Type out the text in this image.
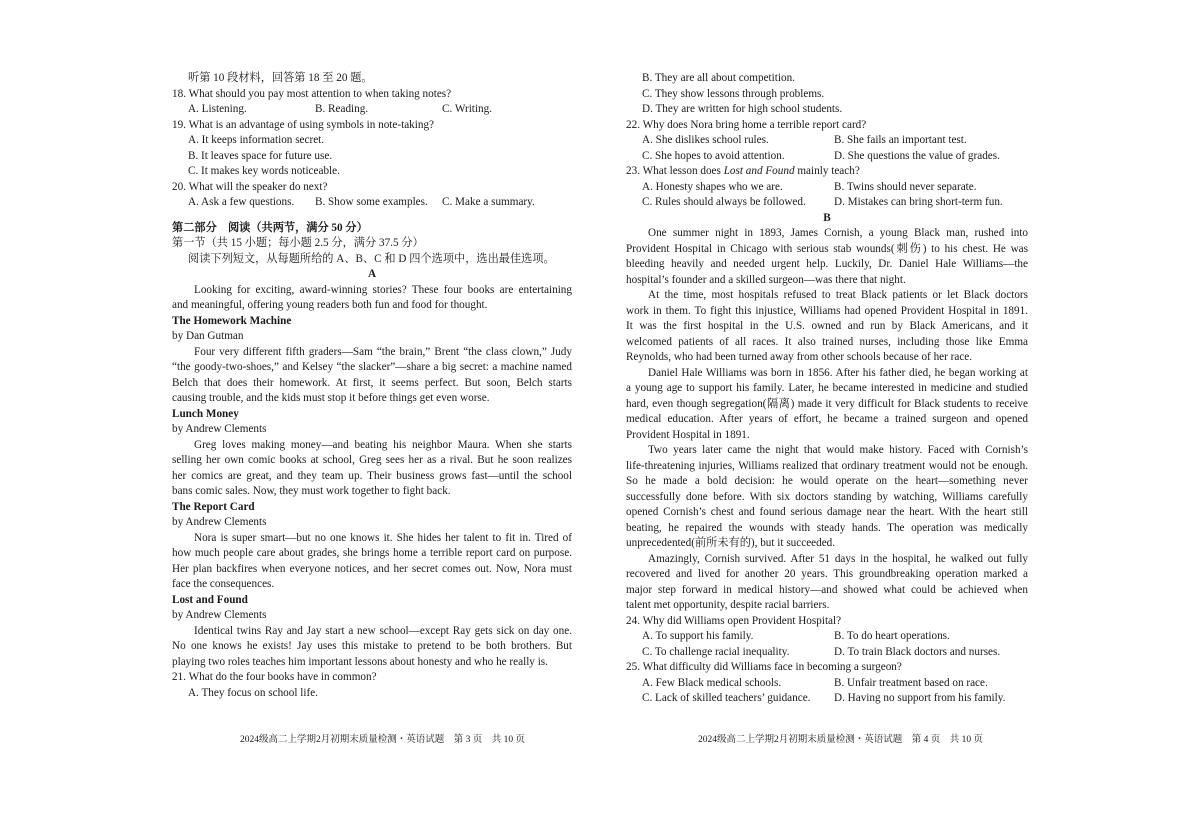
听第 10 段材料，回答第 18 至 20 题。
18. What should you pay most attention to when taking notes?
A. Listening.	B. Reading.	C. Writing.
19. What is an advantage of using symbols in note-taking?
A. It keeps information secret.
B. It leaves space for future use.
C. It makes key words noticeable.
20. What will the speaker do next?
A. Ask a few questions.	B. Show some examples.	C. Make a summary.
第二部分　阅读（共两节，满分 50 分）
第一节（共 15 小题；每小题 2.5 分，满分 37.5 分）
阅读下列短文，从每题所给的 A、B、C 和 D 四个选项中，选出最佳选项。
A
Looking for exciting, award-winning stories? These four books are entertaining
and meaningful, offering young readers both fun and food for thought.
The Homework Machine
by Dan Gutman
Four very different fifth graders—Sam “the brain,” Brent “the class clown,” Judy
“the goody-two-shoes,” and Kelsey “the slacker”—share a big secret: a machine named
Belch that does their homework. At first, it seems perfect. But soon, Belch starts
causing trouble, and the kids must stop it before things get even worse.
Lunch Money
by Andrew Clements
Greg loves making money—and beating his neighbor Maura. When she starts
selling her own comic books at school, Greg sees her as a rival. But he soon realizes
her comics are great, and they team up. Their business grows fast—until the school
bans comic sales. Now, they must work together to fight back.
The Report Card
by Andrew Clements
Nora is super smart—but no one knows it. She hides her talent to fit in. Tired of
how much people care about grades, she brings home a terrible report card on purpose.
Her plan backfires when everyone notices, and her secret comes out. Now, Nora must
face the consequences.
Lost and Found
by Andrew Clements
Identical twins Ray and Jay start a new school—except Ray gets sick on day one.
No one knows he exists! Jay uses this mistake to pretend to be both brothers. But
playing two roles teaches him important lessons about honesty and who he really is.
21. What do the four books have in common?
A. They focus on school life.
B. They are all about competition.
C. They show lessons through problems.
D. They are written for high school students.
22. Why does Nora bring home a terrible report card?
A. She dislikes school rules.	B. She fails an important test.
C. She hopes to avoid attention.	D. She questions the value of grades.
23. What lesson does Lost and Found mainly teach?
A. Honesty shapes who we are.	B. Twins should never separate.
C. Rules should always be followed.	D. Mistakes can bring short-term fun.
B
One summer night in 1893, James Cornish, a young Black man, rushed into
Provident Hospital in Chicago with serious stab wounds(刺伤) to his chest. He was
bleeding heavily and needed urgent help. Luckily, Dr. Daniel Hale Williams—the
hospital’s founder and a skilled surgeon—was there that night.
At the time, most hospitals refused to treat Black patients or let Black doctors
work in them. To fight this injustice, Williams had opened Provident Hospital in 1891.
It was the first hospital in the U.S. owned and run by Black Americans, and it
welcomed patients of all races. It also trained nurses, including those like Emma
Reynolds, who had been turned away from other schools because of her race.
Daniel Hale Williams was born in 1856. After his father died, he began working at
a young age to support his family. Later, he became interested in medicine and studied
hard, even though segregation(隔离) made it very difficult for Black students to receive
medical education. After years of effort, he became a trained surgeon and opened
Provident Hospital in 1891.
Two years later came the night that would make history. Faced with Cornish’s
life-threatening injuries, Williams realized that ordinary treatment would not be enough.
So he made a bold decision: he would operate on the heart—something never
successfully done before. With six doctors standing by watching, Williams carefully
opened Cornish’s chest and found serious damage near the heart. With the heart still
beating, he repaired the wounds with steady hands. The operation was medically
unprecedented(前所未有的), but it succeeded.
Amazingly, Cornish survived. After 51 days in the hospital, he walked out fully
recovered and lived for another 20 years. This groundbreaking operation marked a
major step forward in medical history—and showed what could be achieved when
talent met opportunity, despite racial barriers.
24. Why did Williams open Provident Hospital?
A. To support his family.	B. To do heart operations.
C. To challenge racial inequality.	D. To train Black doctors and nurses.
25. What difficulty did Williams face in becoming a surgeon?
A. Few Black medical schools.	B. Unfair treatment based on race.
C. Lack of skilled teachers’ guidance.	D. Having no support from his family.
2024级高二上学期2月初期末质量检测・英语试题　第 3 页　共 10 页	2024级高二上学期2月初期末质量检测・英语试题　第 4 页　共 10 页
